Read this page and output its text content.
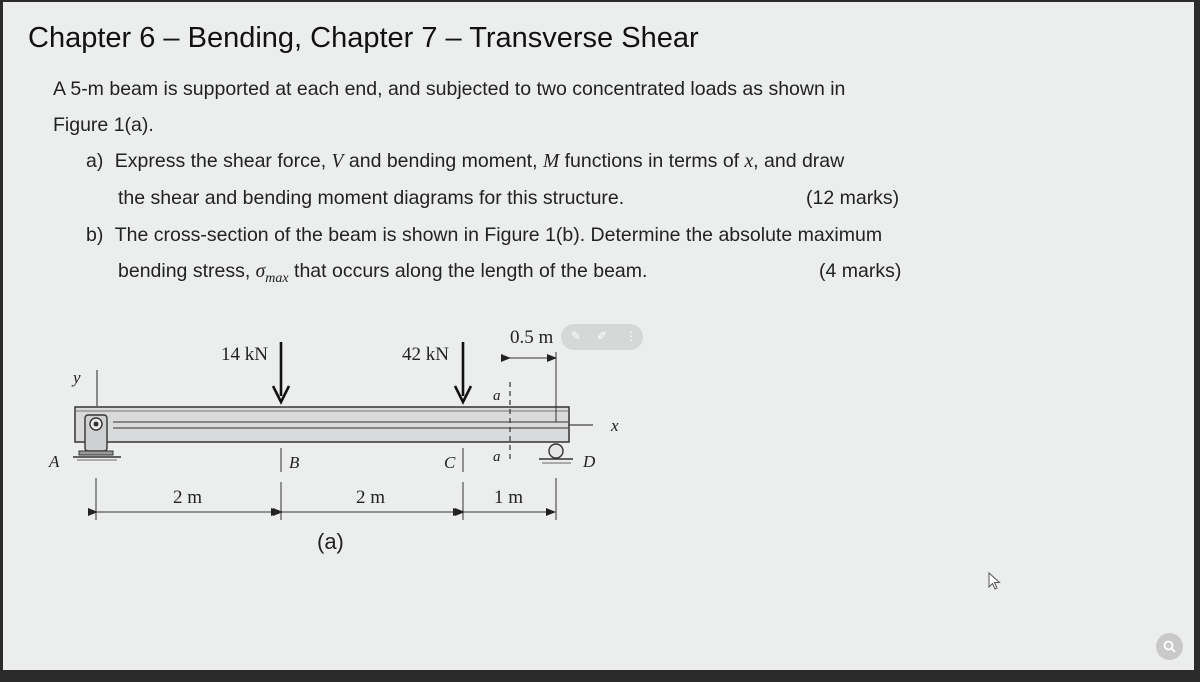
Chapter 6 – Bending, Chapter 7 – Transverse Shear
A 5-m beam is supported at each end, and subjected to two concentrated loads as shown in
Figure 1(a).
a) Express the shear force, V and bending moment, M functions in terms of x, and draw
the shear and bending moment diagrams for this structure.	(12 marks)
b) The cross-section of the beam is shown in Figure 1(b). Determine the absolute maximum
bending stress, $\sigma_{max}$ that occurs along the length of the beam.	(4 marks)
y
x
A	D
14 kN	42 kN
a
a
0.5 m
B	C
2 m	2 m	1 m
(a)
✎ ✐ ⋮
